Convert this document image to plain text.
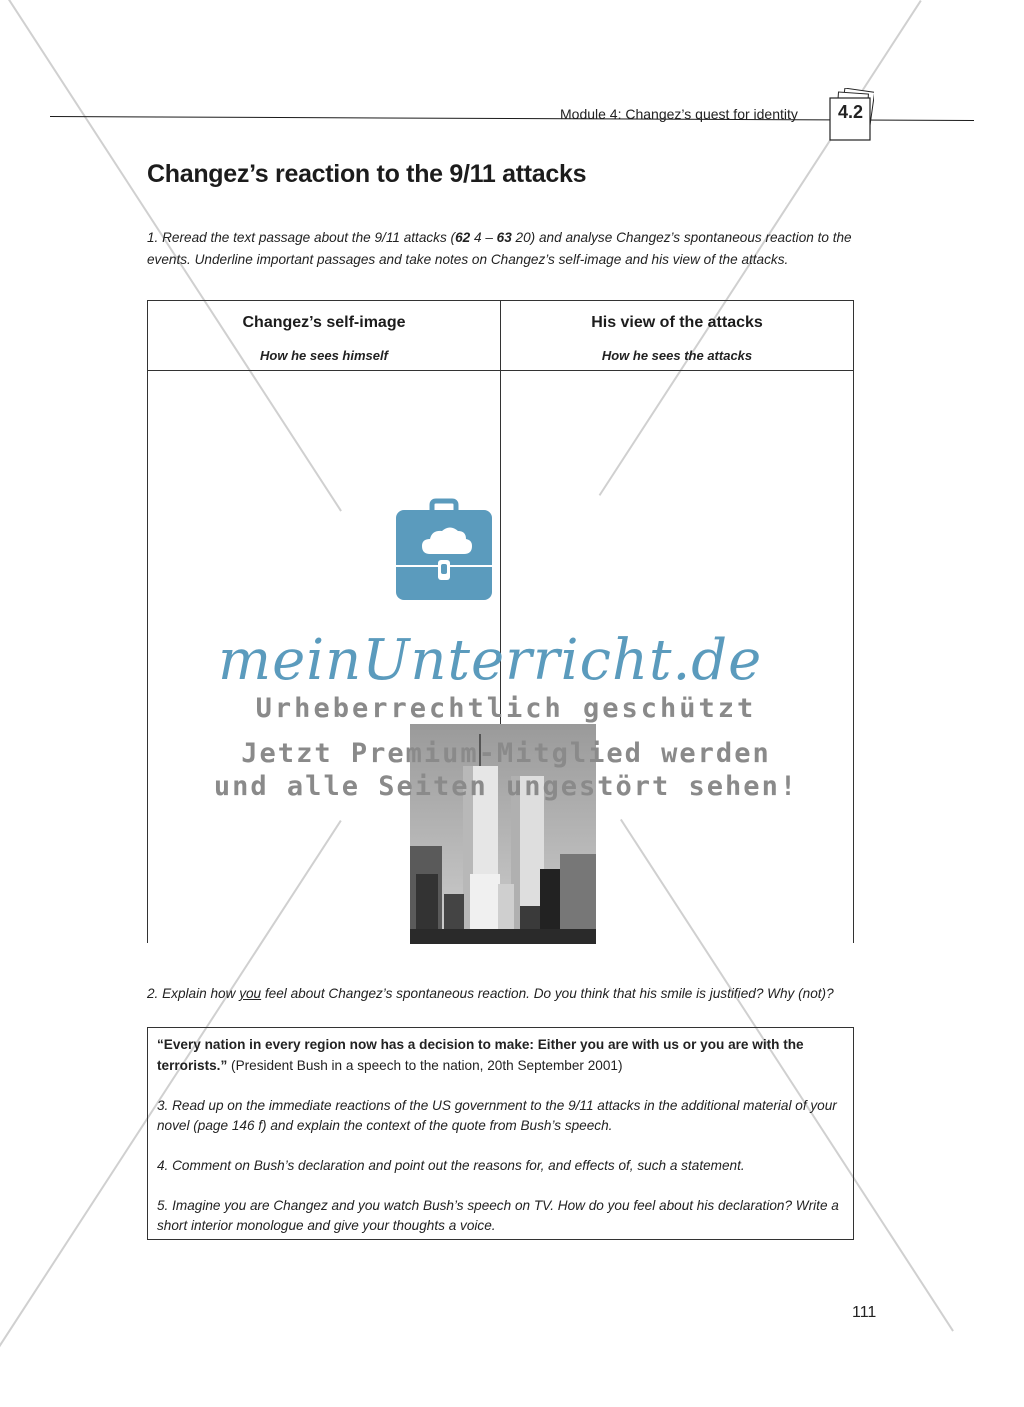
Module 4: Changez’s quest for identity 4.2
Changez’s reaction to the 9/11 attacks
1. Reread the text passage about the 9/11 attacks (62 4 – 63 20) and analyse Changez’s spontaneous reaction to the events. Underline important passages and take notes on Changez’s self-image and his view of the attacks.
Changez’s self-image
How he sees himself
His view of the attacks
How he sees the attacks
meinUnterricht.de
Urheberrechtlich geschützt
Jetzt Premium-Mitglied werden
und alle Seiten ungestört sehen!
2. Explain how you feel about Changez’s spontaneous reaction. Do you think that his smile is justified? Why (not)?
“Every nation in every region now has a decision to make: Either you are with us or you are with the terrorists.” (President Bush in a speech to the nation, 20th September 2001)
3. Read up on the immediate reactions of the US government to the 9/11 attacks in the additional material of your novel (page 146 f) and explain the context of the quote from Bush’s speech.
4. Comment on Bush’s declaration and point out the reasons for, and effects of, such a statement.
5. Imagine you are Changez and you watch Bush’s speech on TV. How do you feel about his declaration? Write a short interior monologue and give your thoughts a voice.
111
